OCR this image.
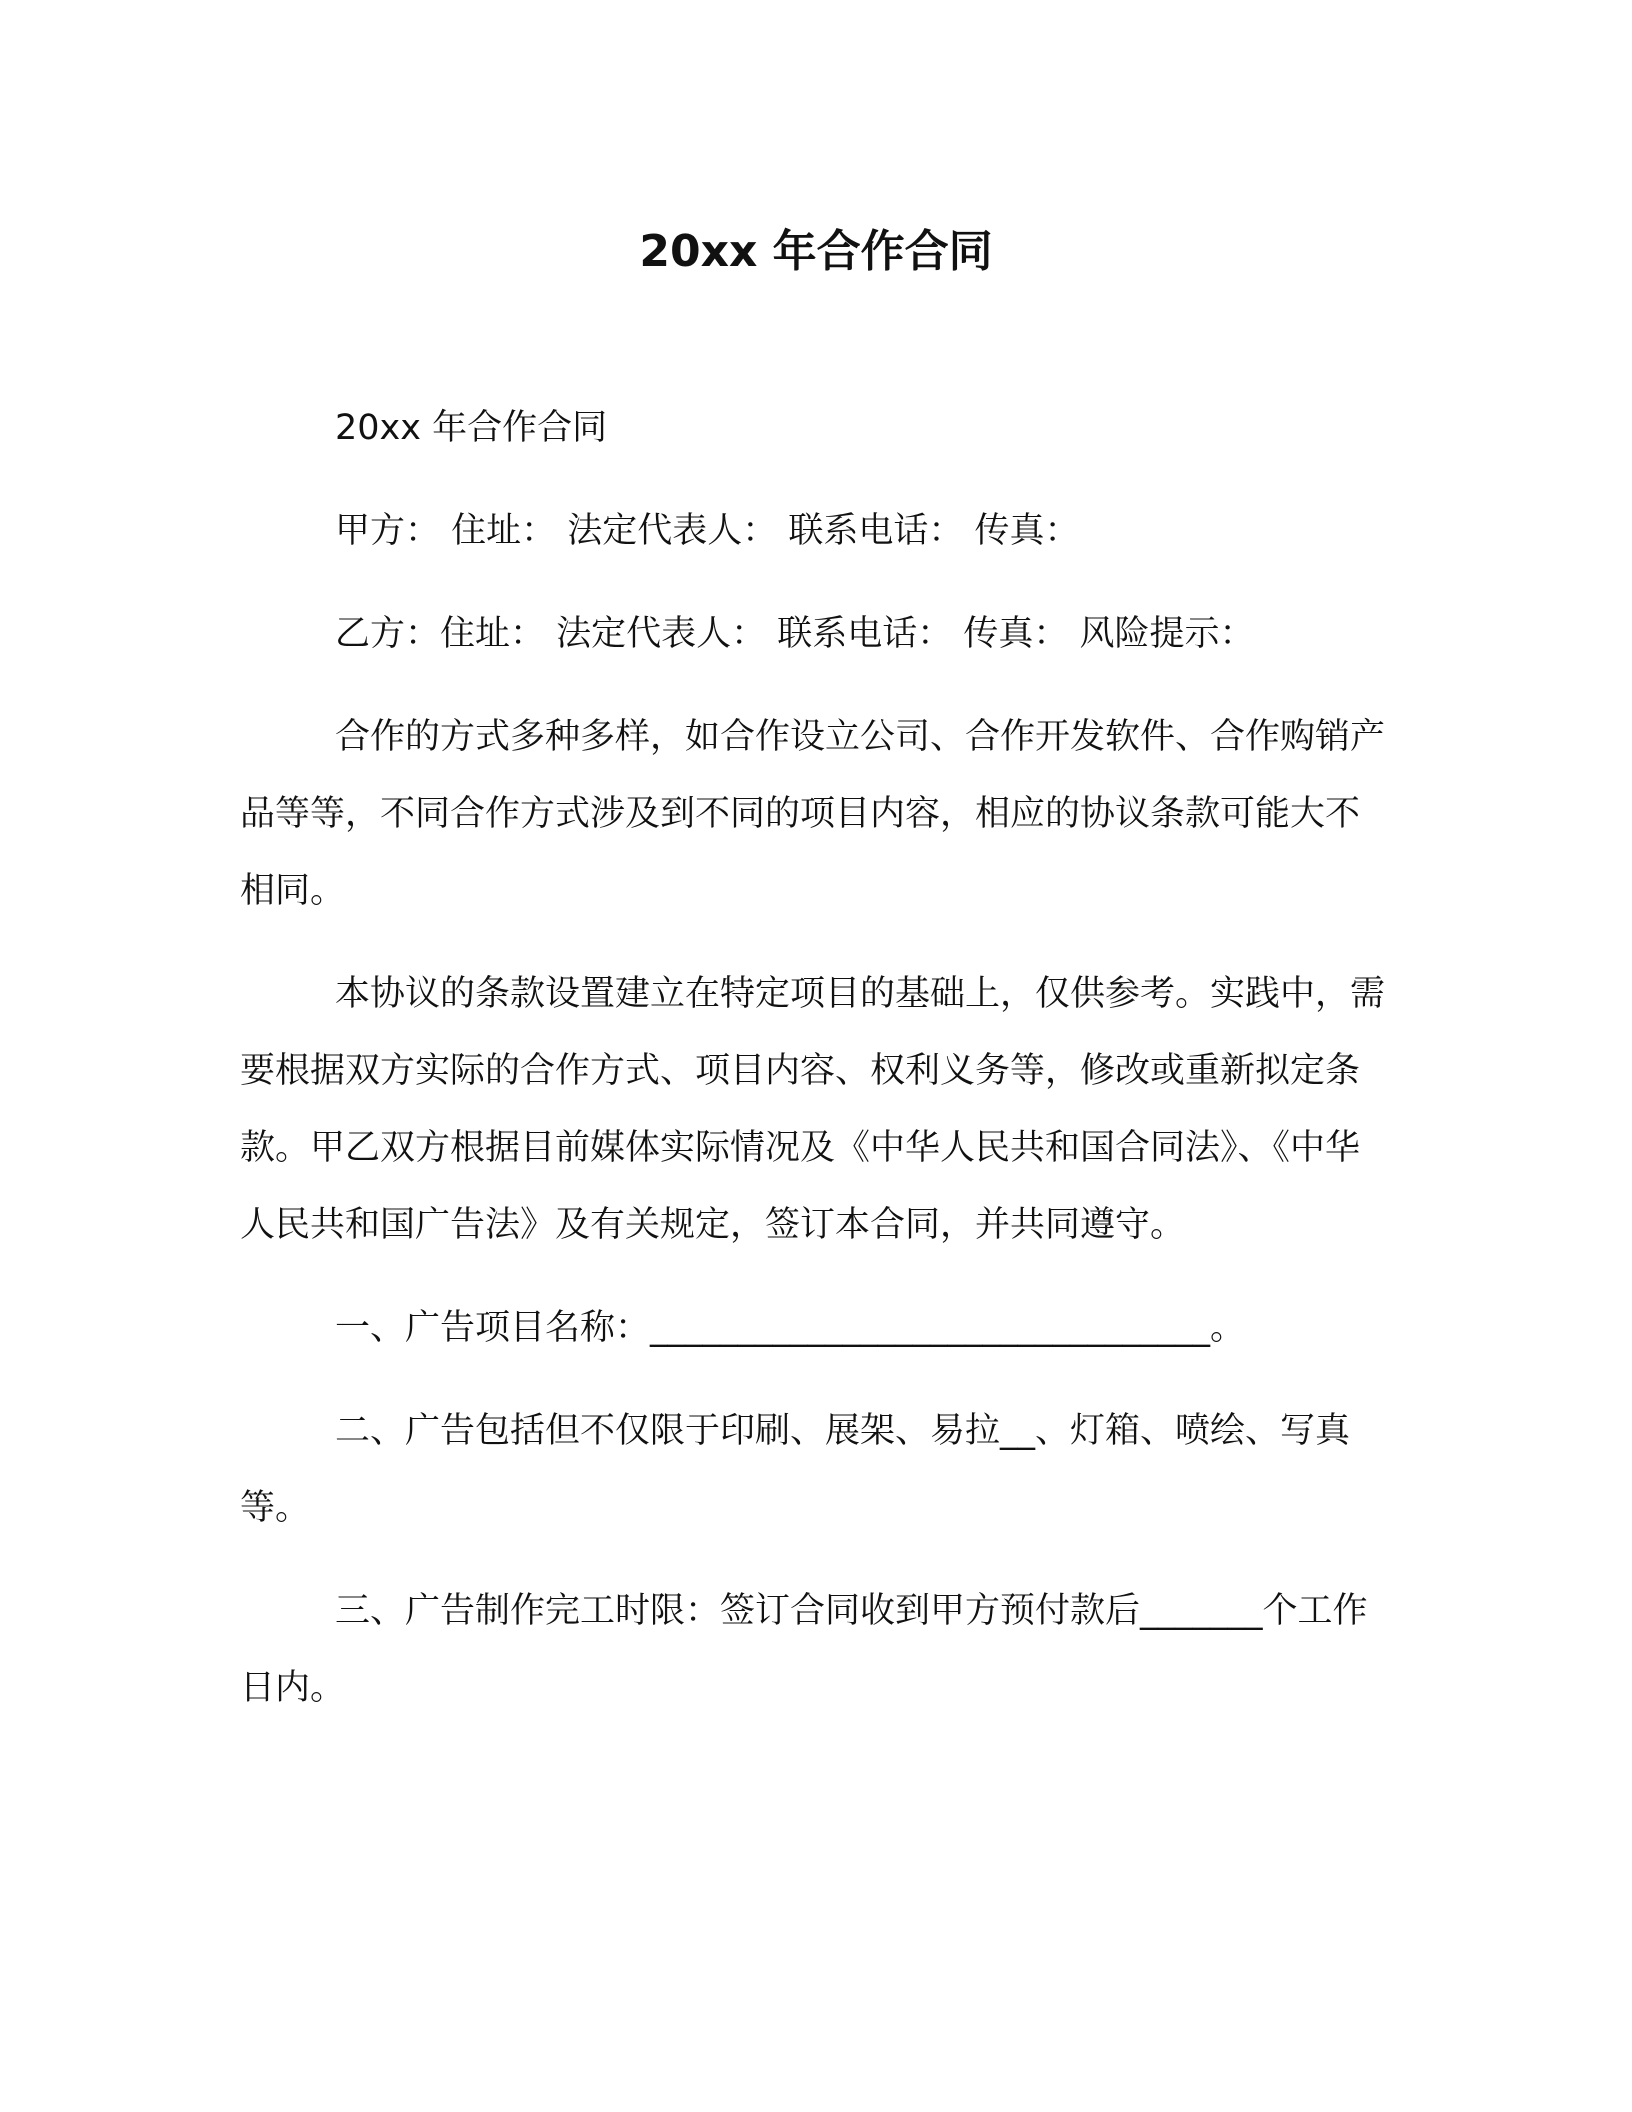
20xx 年合作合同

20xx 年合作合同

甲方： 住址： 法定代表人： 联系电话： 传真：

乙方：住址： 法定代表人： 联系电话： 传真： 风险提示：

合作的方式多种多样，如合作设立公司、合作开发软件、合作购销产品等等，不同合作方式涉及到不同的项目内容，相应的协议条款可能大不相同。

本协议的条款设置建立在特定项目的基础上，仅供参考。实践中，需要根据双方实际的合作方式、项目内容、权利义务等，修改或重新拟定条款。甲乙双方根据目前媒体实际情况及《中华人民共和国合同法》、《中华人民共和国广告法》及有关规定，签订本合同，并共同遵守。

一、广告项目名称：________________________________。

二、广告包括但不仅限于印刷、展架、易拉__、灯箱、喷绘、写真等。

三、广告制作完工时限：签订合同收到甲方预付款后_______个工作日内。
